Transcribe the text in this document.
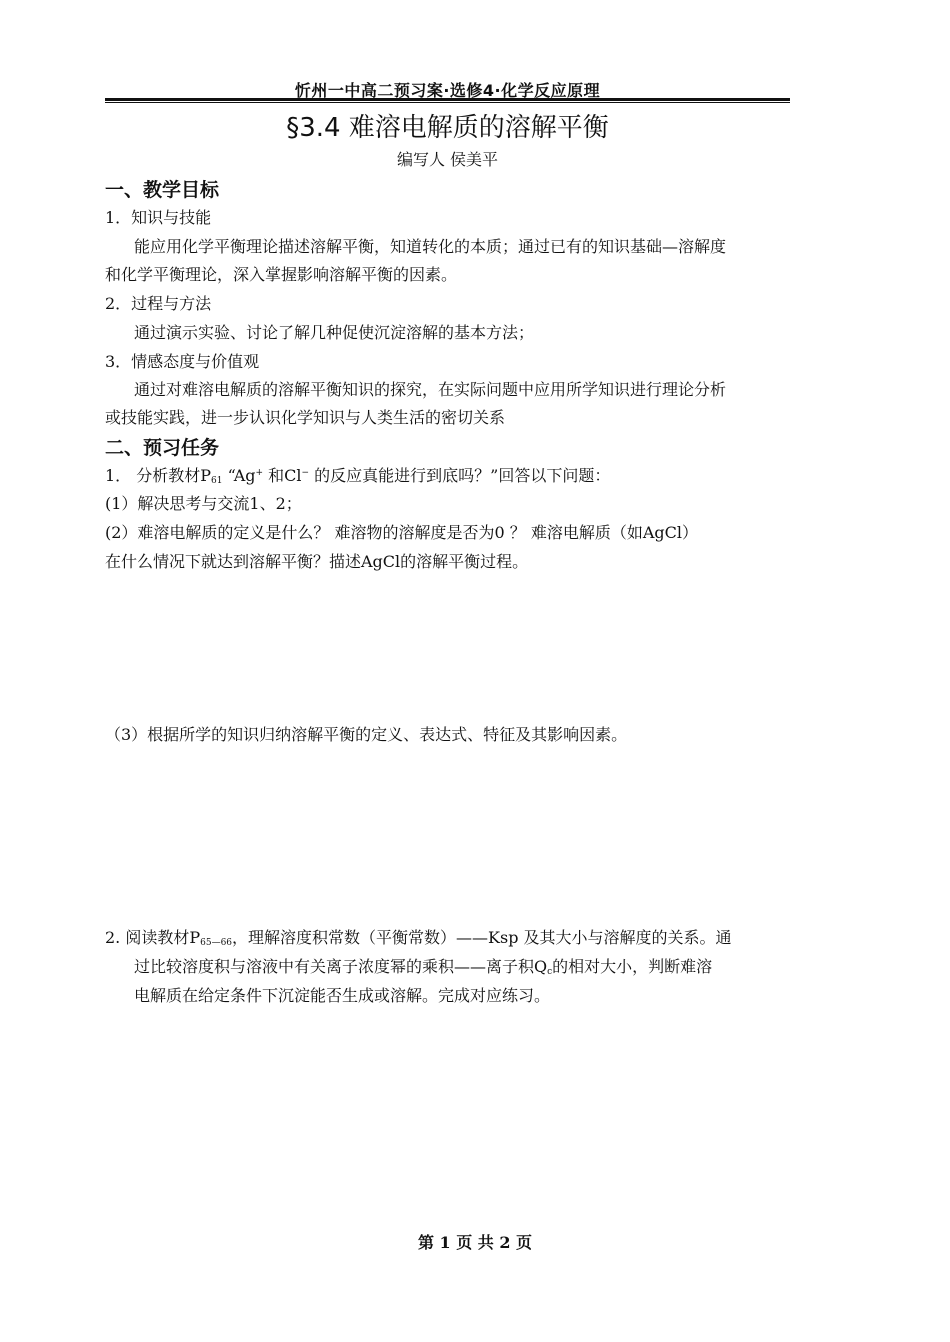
忻州一中高二预习案·选修4·化学反应原理
§3.4 难溶电解质的溶解平衡
编写人 侯美平
一、教学目标
1．知识与技能
能应用化学平衡理论描述溶解平衡，知道转化的本质；通过已有的知识基础—溶解度
和化学平衡理论，深入掌握影响溶解平衡的因素。
2．过程与方法
通过演示实验、讨论了解几种促使沉淀溶解的基本方法；
3．情感态度与价值观
通过对难溶电解质的溶解平衡知识的探究，在实际问题中应用所学知识进行理论分析
或技能实践，进一步认识化学知识与人类生活的密切关系
二、预习任务
1． 分析教材$P_{61}$ “Ag+ 和Cl− 的反应真能进行到底吗？”回答以下问题：
(1）解决思考与交流1、2；
(2）难溶电解质的定义是什么？ 难溶物的溶解度是否为0 ？ 难溶电解质（如AgCl）
在什么情况下就达到溶解平衡？描述AgCl的溶解平衡过程。
（3）根据所学的知识归纳溶解平衡的定义、表达式、特征及其影响因素。
2. 阅读教材$P_{65—66}$，理解溶度积常数（平衡常数）——Ksp 及其大小与溶解度的关系。通
过比较溶度积与溶液中有关离子浓度幂的乘积——离子积$Q_c$的相对大小，判断难溶
电解质在给定条件下沉淀能否生成或溶解。完成对应练习。
第 1 页 共 2 页
